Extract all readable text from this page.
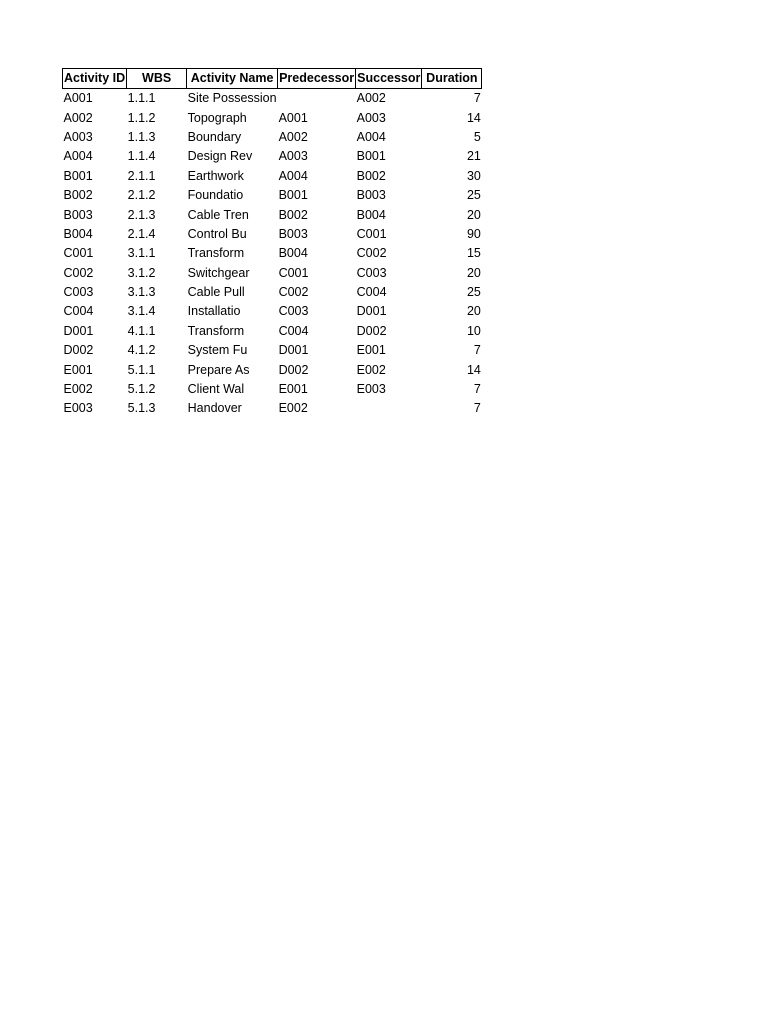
Activity ID	WBS	Activity Name	Predecessor	Successor	Duration
A001	1.1.1	Site Possession		A002	7
A002	1.1.2	Topograph	A001	A003	14
A003	1.1.3	Boundary	A002	A004	5
A004	1.1.4	Design Rev	A003	B001	21
B001	2.1.1	Earthwork	A004	B002	30
B002	2.1.2	Foundatio	B001	B003	25
B003	2.1.3	Cable Tren	B002	B004	20
B004	2.1.4	Control Bu	B003	C001	90
C001	3.1.1	Transform	B004	C002	15
C002	3.1.2	Switchgear	C001	C003	20
C003	3.1.3	Cable Pull	C002	C004	25
C004	3.1.4	Installatio	C003	D001	20
D001	4.1.1	Transform	C004	D002	10
D002	4.1.2	System Fu	D001	E001	7
E001	5.1.1	Prepare As	D002	E002	14
E002	5.1.2	Client Wal	E001	E003	7
E003	5.1.3	Handover	E002		7
